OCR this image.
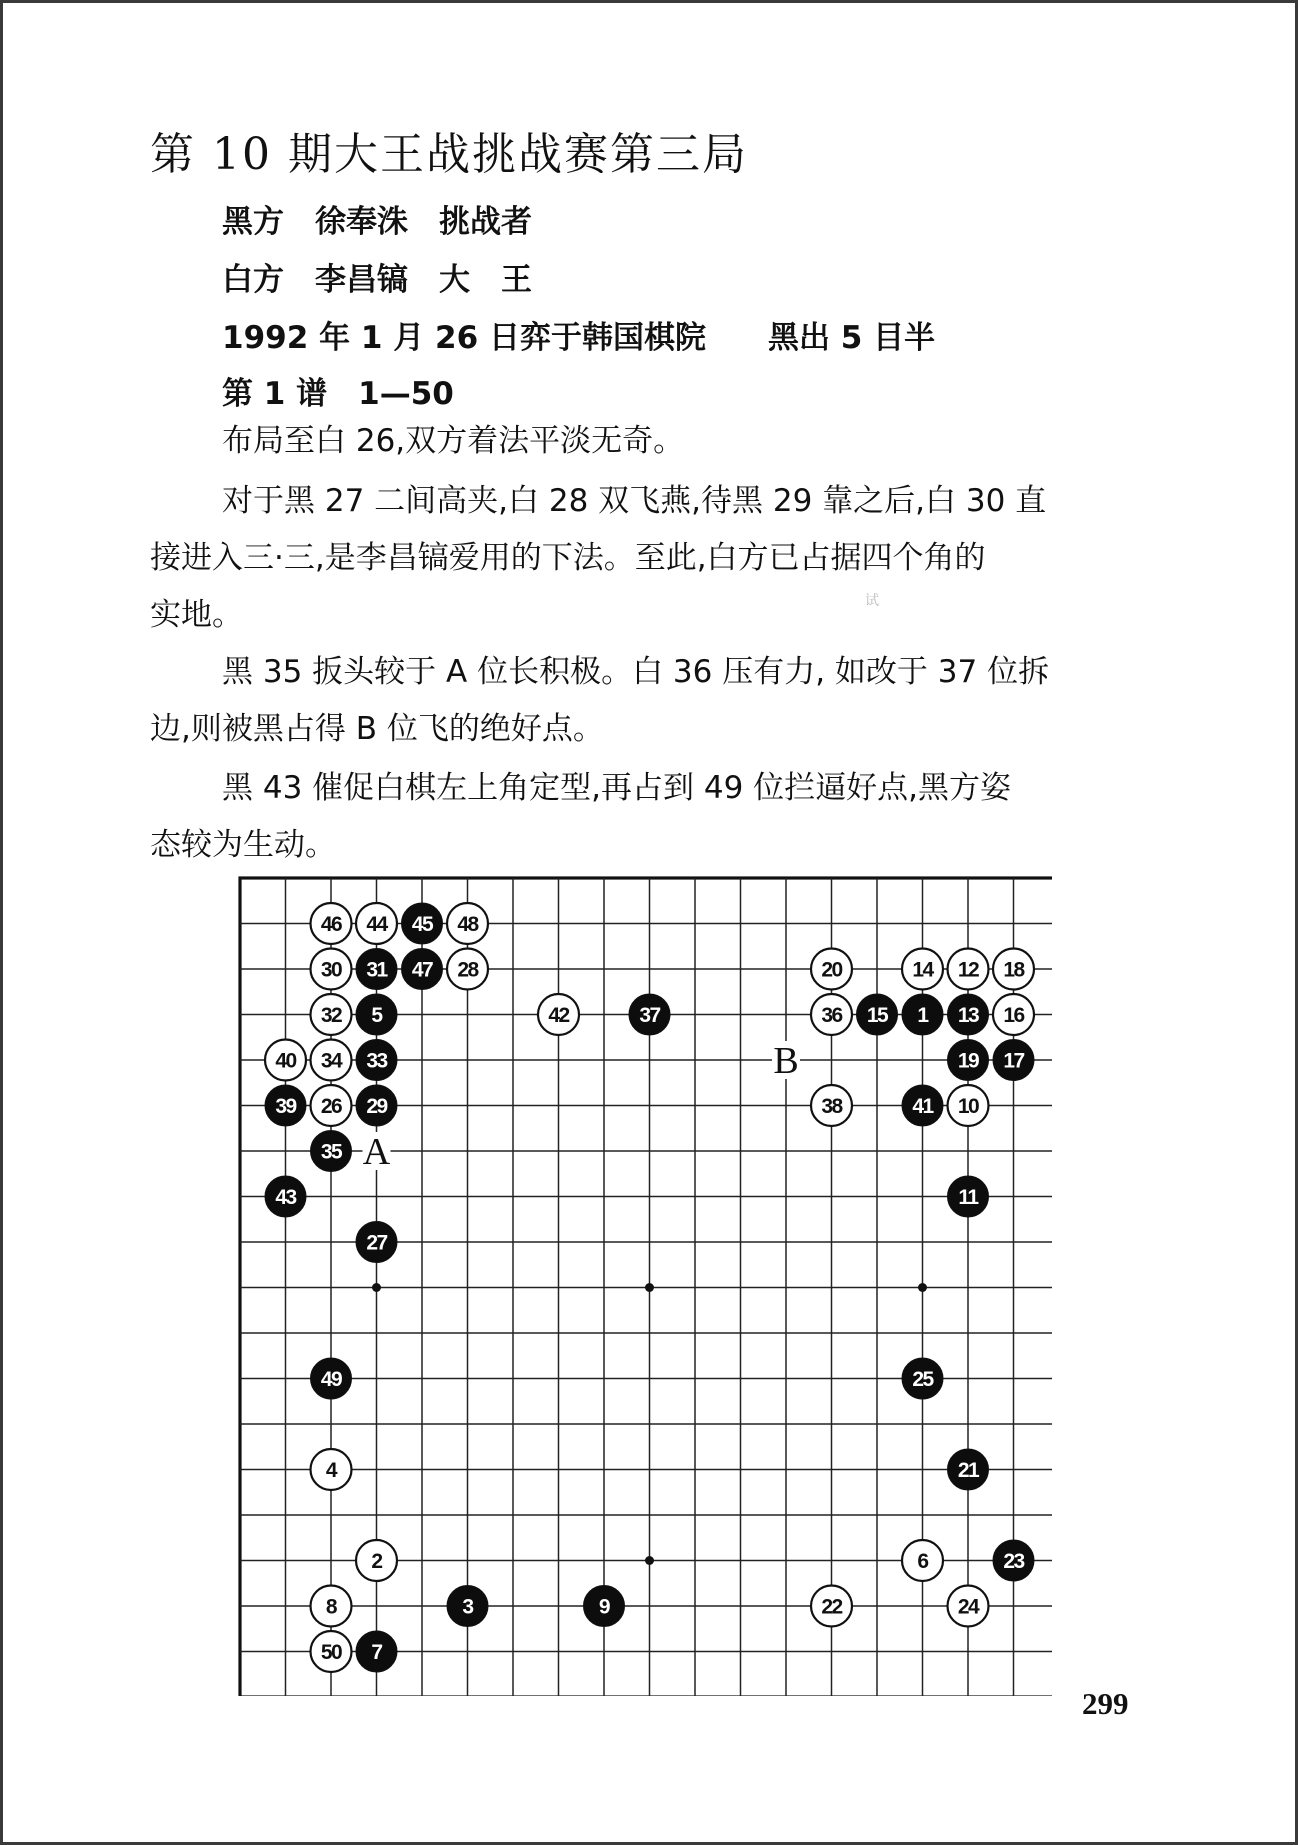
第 10 期大王战挑战赛第三局
黑方　徐奉洙　挑战者
白方　李昌镐　大　王
1992 年 1 月 26 日弈于韩国棋院　　黑出 5 目半
第 1 谱　1—50
布局至白 26,双方着法平淡无奇。
对于黑 27 二间高夹,白 28 双飞燕,待黑 29 靠之后,白 30 直
接进入三·三,是李昌镐爱用的下法。至此,白方已占据四个角的
实地。
黑 35 扳头较于 A 位长积极。白 36 压有力, 如改于 37 位拆
边,则被黑占得 B 位飞的绝好点。
黑 43 催促白棋左上角定型,再占到 49 位拦逼好点,黑方姿
态较为生动。
试
A
B
1
2
3
4
5
6
7
8	9
10
11
12
13
14
15	16
17
18
19
20
21
22
23
24
25
26
27
28
29
30 31
32
33
34
35
36
37
38
39
40
41
42
43
44 45
46
47
48
49
50
299
